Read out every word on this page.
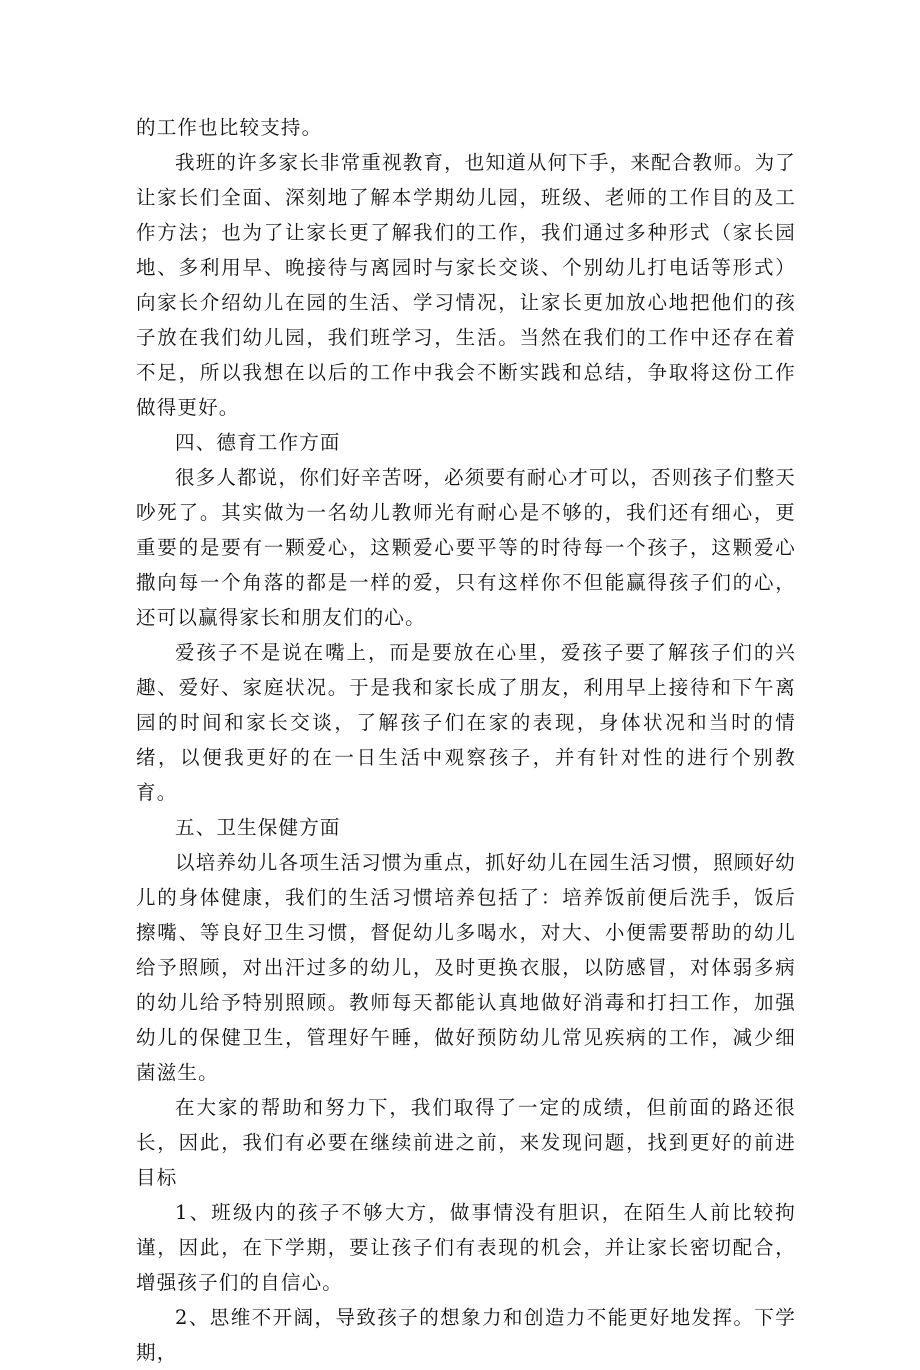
的工作也比较支持。

我班的许多家长非常重视教育，也知道从何下手，来配合教师。为了让家长们全面、深刻地了解本学期幼儿园，班级、老师的工作目的及工作方法；也为了让家长更了解我们的工作，我们通过多种形式（家长园地、多利用早、晚接待与离园时与家长交谈、个别幼儿打电话等形式）向家长介绍幼儿在园的生活、学习情况，让家长更加放心地把他们的孩子放在我们幼儿园，我们班学习，生活。当然在我们的工作中还存在着不足，所以我想在以后的工作中我会不断实践和总结，争取将这份工作做得更好。

四、德育工作方面

很多人都说，你们好辛苦呀，必须要有耐心才可以，否则孩子们整天吵死了。其实做为一名幼儿教师光有耐心是不够的，我们还有细心，更重要的是要有一颗爱心，这颗爱心要平等的时待每一个孩子，这颗爱心撒向每一个角落的都是一样的爱，只有这样你不但能赢得孩子们的心，还可以赢得家长和朋友们的心。

爱孩子不是说在嘴上，而是要放在心里，爱孩子要了解孩子们的兴趣、爱好、家庭状况。于是我和家长成了朋友，利用早上接待和下午离园的时间和家长交谈，了解孩子们在家的表现，身体状况和当时的情绪，以便我更好的在一日生活中观察孩子，并有针对性的进行个别教育。

五、卫生保健方面

以培养幼儿各项生活习惯为重点，抓好幼儿在园生活习惯，照顾好幼儿的身体健康，我们的生活习惯培养包括了：培养饭前便后洗手，饭后擦嘴、等良好卫生习惯，督促幼儿多喝水，对大、小便需要帮助的幼儿给予照顾，对出汗过多的幼儿，及时更换衣服，以防感冒，对体弱多病的幼儿给予特别照顾。教师每天都能认真地做好消毒和打扫工作，加强幼儿的保健卫生，管理好午睡，做好预防幼儿常见疾病的工作，减少细菌滋生。

在大家的帮助和努力下，我们取得了一定的成绩，但前面的路还很长，因此，我们有必要在继续前进之前，来发现问题，找到更好的前进目标

1、班级内的孩子不够大方，做事情没有胆识，在陌生人前比较拘谨，因此，在下学期，要让孩子们有表现的机会，并让家长密切配合，增强孩子们的自信心。

2、思维不开阔，导致孩子的想象力和创造力不能更好地发挥。下学期，
